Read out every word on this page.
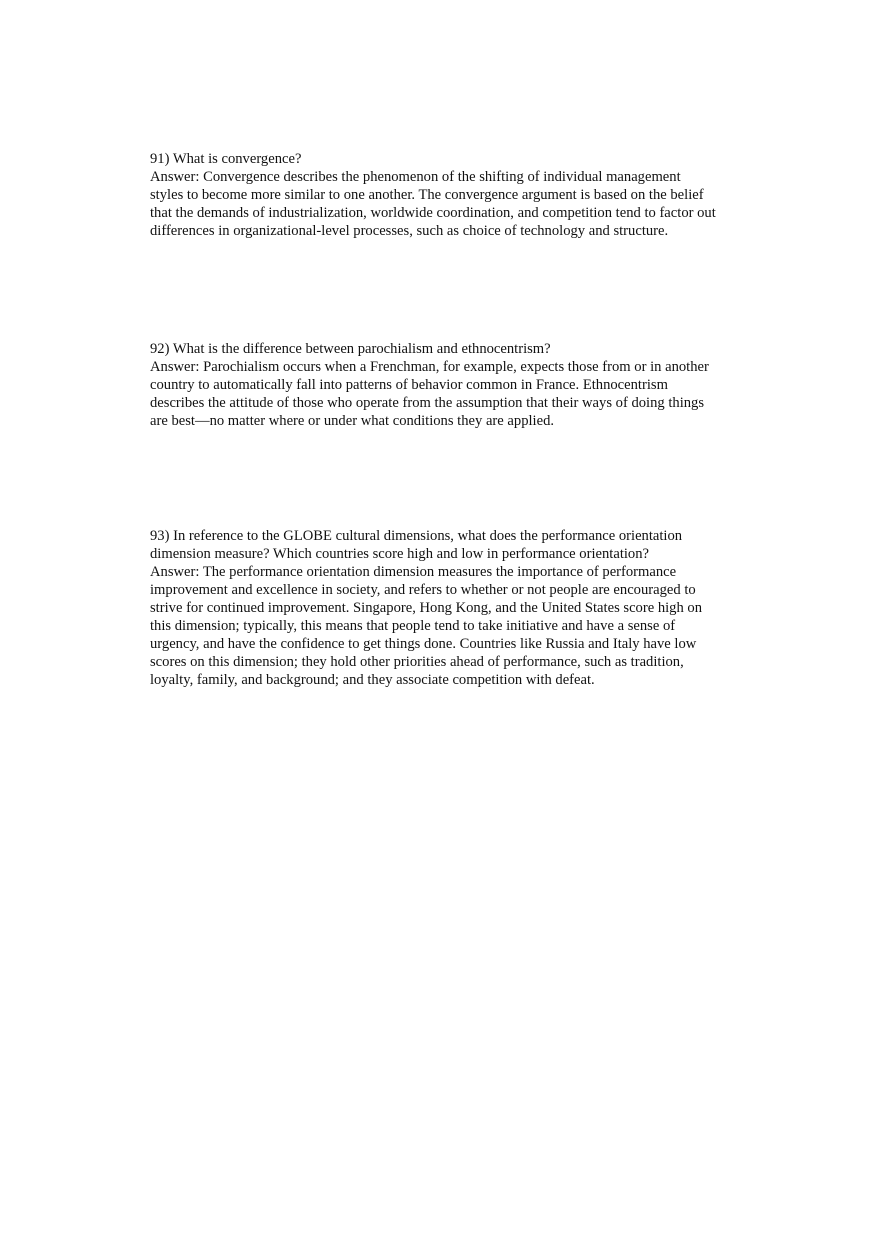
91) What is convergence?
Answer: Convergence describes the phenomenon of the shifting of individual management
styles to become more similar to one another. The convergence argument is based on the belief
that the demands of industrialization, worldwide coordination, and competition tend to factor out
differences in organizational-level processes, such as choice of technology and structure.
92) What is the difference between parochialism and ethnocentrism?
Answer: Parochialism occurs when a Frenchman, for example, expects those from or in another
country to automatically fall into patterns of behavior common in France. Ethnocentrism
describes the attitude of those who operate from the assumption that their ways of doing things
are best—no matter where or under what conditions they are applied.
93) In reference to the GLOBE cultural dimensions, what does the performance orientation
dimension measure? Which countries score high and low in performance orientation?
Answer: The performance orientation dimension measures the importance of performance
improvement and excellence in society, and refers to whether or not people are encouraged to
strive for continued improvement. Singapore, Hong Kong, and the United States score high on
this dimension; typically, this means that people tend to take initiative and have a sense of
urgency, and have the confidence to get things done. Countries like Russia and Italy have low
scores on this dimension; they hold other priorities ahead of performance, such as tradition,
loyalty, family, and background; and they associate competition with defeat.
